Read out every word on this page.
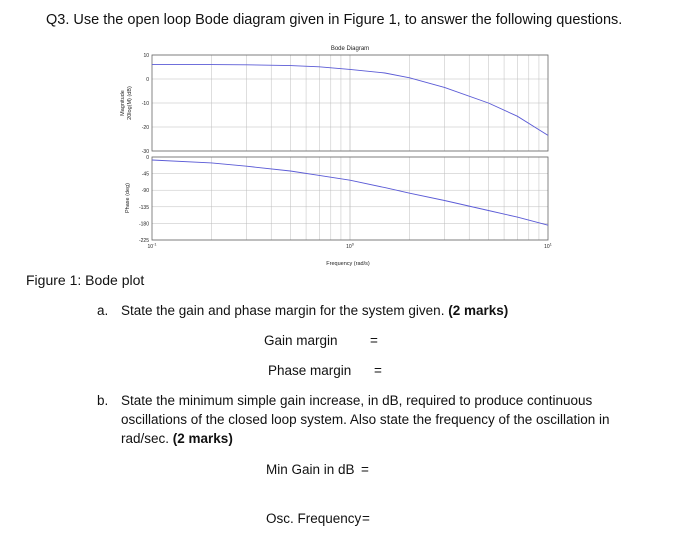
Q3. Use the open loop Bode diagram given in Figure 1, to answer the following questions.
10
0
-10
-20
-30
0
-45
-90
-135
-180
-225
$10^{-1}$	$10^0$	$10^1$
Bode Diagram
Magnitude 20log(M) (dB)
Phase (deg)
Frequency (rad/s)
Figure 1: Bode plot
a. State the gain and phase margin for the system given. (2 marks)
Gain margin =
Phase margin =
b. State the minimum simple gain increase, in dB, required to produce continuous
oscillations of the closed loop system. Also state the frequency of the oscillation in
rad/sec. (2 marks)
Min Gain in dB =
Osc. Frequency =
